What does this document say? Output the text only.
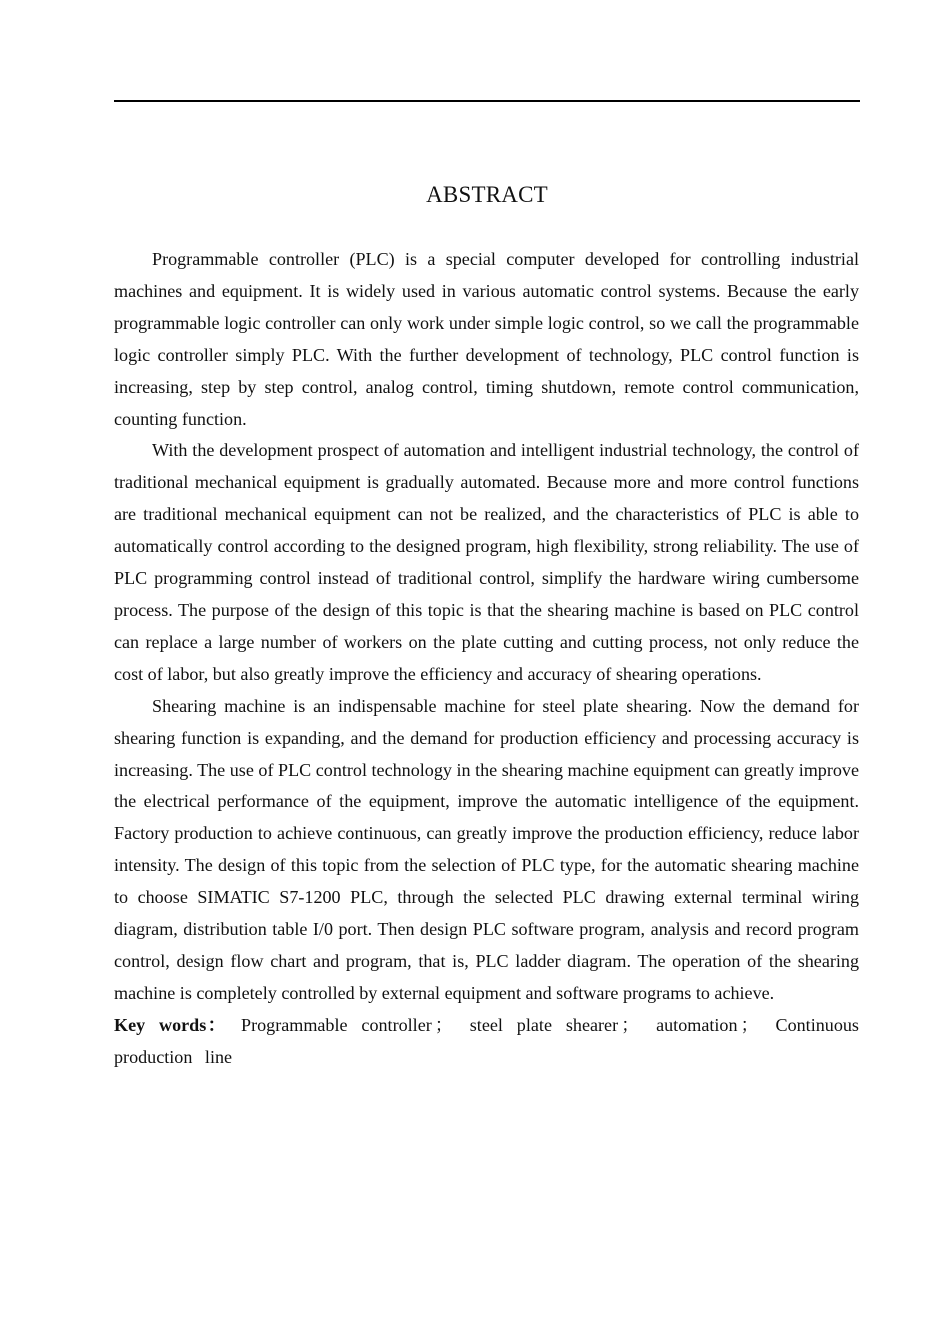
ABSTRACT

Programmable controller (PLC) is a special computer developed for controlling industrial machines and equipment. It is widely used in various automatic control systems. Because the early programmable logic controller can only work under simple logic control, so we call the programmable logic controller simply PLC. With the further development of technology, PLC control function is increasing, step by step control, analog control, timing shutdown, remote control communication, counting function.

With the development prospect of automation and intelligent industrial technology, the control of traditional mechanical equipment is gradually automated. Because more and more control functions are traditional mechanical equipment can not be realized, and the characteristics of PLC is able to automatically control according to the designed program, high flexibility, strong reliability. The use of PLC programming control instead of traditional control, simplify the hardware wiring cumbersome process. The purpose of the design of this topic is that the shearing machine is based on PLC control can replace a large number of workers on the plate cutting and cutting process, not only reduce the cost of labor, but also greatly improve the efficiency and accuracy of shearing operations.

Shearing machine is an indispensable machine for steel plate shearing. Now the demand for shearing function is expanding, and the demand for production efficiency and processing accuracy is increasing. The use of PLC control technology in the shearing machine equipment can greatly improve the electrical performance of the equipment, improve the automatic intelligence of the equipment. Factory production to achieve continuous, can greatly improve the production efficiency, reduce labor intensity. The design of this topic from the selection of PLC type, for the automatic shearing machine to choose SIMATIC S7-1200 PLC, through the selected PLC drawing external terminal wiring diagram, distribution table I/0 port. Then design PLC software program, analysis and record program control, design flow chart and program, that is, PLC ladder diagram. The operation of the shearing machine is completely controlled by external equipment and software programs to achieve.

Key words： Programmable controller ； steel plate shearer ； automation ； Continuous production line
